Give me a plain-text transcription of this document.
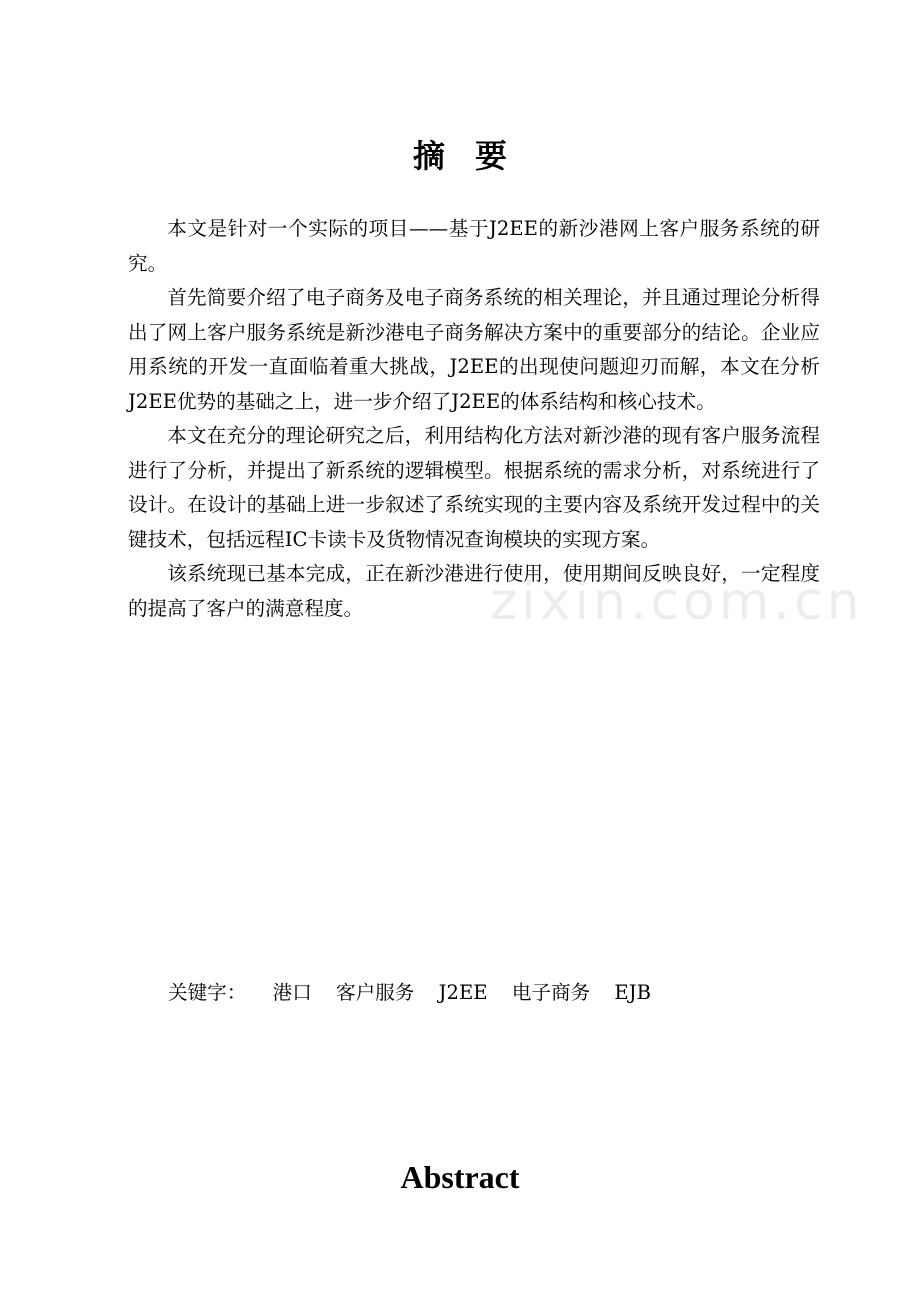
摘要

本文是针对一个实际的项目——基于J2EE的新沙港网上客户服务系统的研究。

首先简要介绍了电子商务及电子商务系统的相关理论，并且通过理论分析得出了网上客户服务系统是新沙港电子商务解决方案中的重要部分的结论。企业应用系统的开发一直面临着重大挑战，J2EE的出现使问题迎刃而解，本文在分析J2EE优势的基础之上，进一步介绍了J2EE的体系结构和核心技术。

本文在充分的理论研究之后，利用结构化方法对新沙港的现有客户服务流程进行了分析，并提出了新系统的逻辑模型。根据系统的需求分析，对系统进行了设计。在设计的基础上进一步叙述了系统实现的主要内容及系统开发过程中的关键技术，包括远程IC卡读卡及货物情况查询模块的实现方案。

该系统现已基本完成，正在新沙港进行使用，使用期间反映良好，一定程度的提高了客户的满意程度。	zixin.com.cn
关键字： 港口 客户服务 J2EE 电子商务 EJB
Abstract
